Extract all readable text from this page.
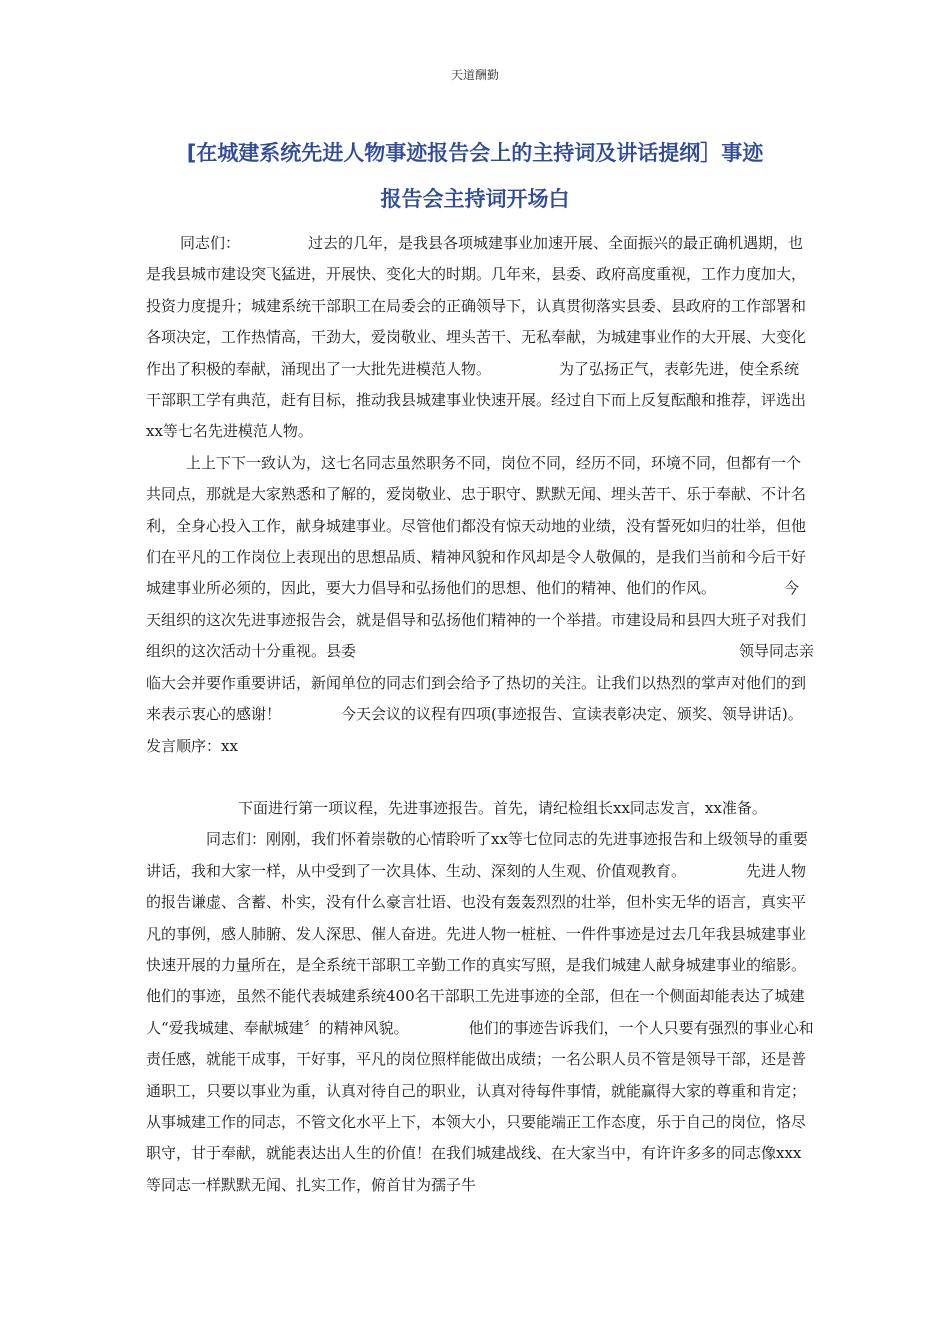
天道酬勤
[在城建系统先进人物事迹报告会上的主持词及讲话提纲］事迹
报告会主持词开场白

同志们：	过去的几年，是我县各项城建事业加速开展、全面振兴的最正确机遇期，也是我县城市建设突飞猛进，开展快、变化大的时期。几年来，县委、政府高度重视，工作力度加大，投资力度提升；城建系统干部职工在局委会的正确领导下，认真贯彻落实县委、县政府的工作部署和各项决定，工作热情高，干劲大，爱岗敬业、埋头苦干、无私奉献，为城建事业作的大开展、大变化作出了积极的奉献，涌现出了一大批先进模范人物。	为了弘扬正气，表彰先进，使全系统干部职工学有典范，赶有目标，推动我县城建事业快速开展。经过自下而上反复酝酿和推荐，评选出xx等七名先进模范人物。

上上下下一致认为，这七名同志虽然职务不同，岗位不同，经历不同，环境不同，但都有一个共同点，那就是大家熟悉和了解的，爱岗敬业、忠于职守、默默无闻、埋头苦干、乐于奉献、不计名利，全身心投入工作，献身城建事业。尽管他们都没有惊天动地的业绩，没有誓死如归的壮举，但他们在平凡的工作岗位上表现出的思想品质、精神风貌和作风却是令人敬佩的，是我们当前和今后干好城建事业所必须的，因此，要大力倡导和弘扬他们的思想、他们的精神、他们的作风。	今天组织的这次先进事迹报告会，就是倡导和弘扬他们精神的一个举措。市建设局和县四大班子对我们组织的这次活动十分重视。县委	领导同志亲

临大会并要作重要讲话，新闻单位的同志们到会给予了热切的关注。让我们以热烈的掌声对他们的到来表示衷心的感谢！	今天会议的议程有四项(事迹报告、宣读表彰决定、颁奖、领导讲话)。发言顺序：xx

下面进行第一项议程，先进事迹报告。首先，请纪检组长xx同志发言，xx准备。同志们：刚刚，我们怀着崇敬的心情聆听了xx等七位同志的先进事迹报告和上级领导的重要讲话，我和大家一样，从中受到了一次具体、生动、深刻的人生观、价值观教育。	先进人物的报告谦虚、含蓄、朴实，没有什么豪言壮语、也没有轰轰烈烈的壮举，但朴实无华的语言，真实平凡的事例，感人肺腑、发人深思、催人奋进。先进人物一桩桩、一件件事迹是过去几年我县城建事业快速开展的力量所在，是全系统干部职工辛勤工作的真实写照，是我们城建人献身城建事业的缩影。他们的事迹，虽然不能代表城建系统400名干部职工先进事迹的全部，但在一个侧面却能表达了城建人“爱我城建、奉献城建〞的精神风貌。	他们的事迹告诉我们，一个人只要有强烈的事业心和责任感，就能干成事，干好事，平凡的岗位照样能做出成绩；一名公职人员不管是领导干部，还是普通职工，只要以事业为重，认真对待自己的职业，认真对待每件事情，就能赢得大家的尊重和肯定；从事城建工作的同志，不管文化水平上下，本领大小，只要能端正工作态度，乐于自己的岗位，恪尽职守，甘于奉献，就能表达出人生的价值！在我们城建战线、在大家当中，有许许多多的同志像xxx等同志一样默默无闻、扎实工作，俯首甘为孺子牛
